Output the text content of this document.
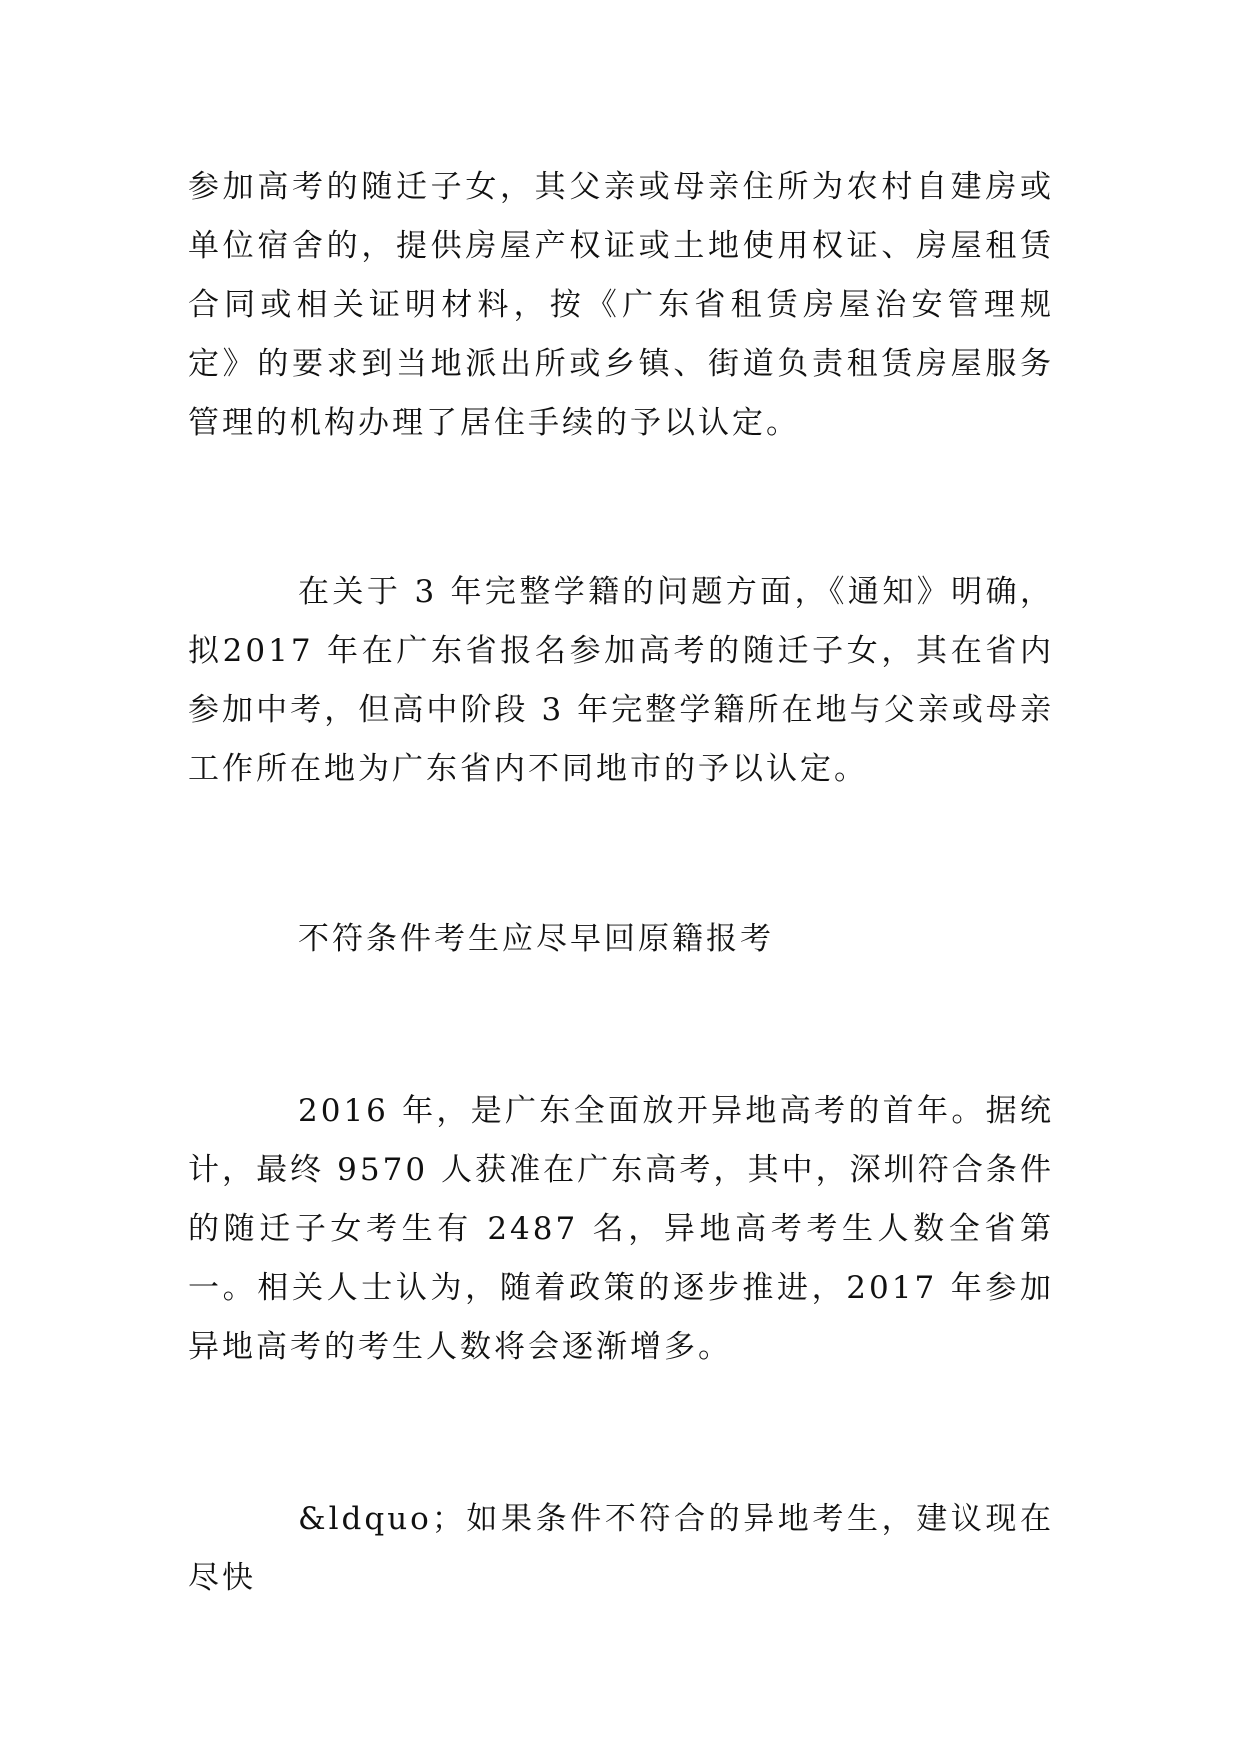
参加高考的随迁子女，其父亲或母亲住所为农村自建房或单位宿舍的，提供房屋产权证或土地使用权证、房屋租赁合同或相关证明材料，按《广东省租赁房屋治安管理规定》的要求到当地派出所或乡镇、街道负责租赁房屋服务管理的机构办理了居住手续的予以认定。

在关于 3 年完整学籍的问题方面，《通知》明确，拟2017 年在广东省报名参加高考的随迁子女，其在省内参加中考，但高中阶段 3 年完整学籍所在地与父亲或母亲工作所在地为广东省内不同地市的予以认定。

不符条件考生应尽早回原籍报考

2016 年，是广东全面放开异地高考的首年。据统计，最终 9570 人获准在广东高考，其中，深圳符合条件的随迁子女考生有 2487 名，异地高考考生人数全省第一。相关人士认为，随着政策的逐步推进，2017 年参加异地高考的考生人数将会逐渐增多。

&ldquo；如果条件不符合的异地考生，建议现在尽快
